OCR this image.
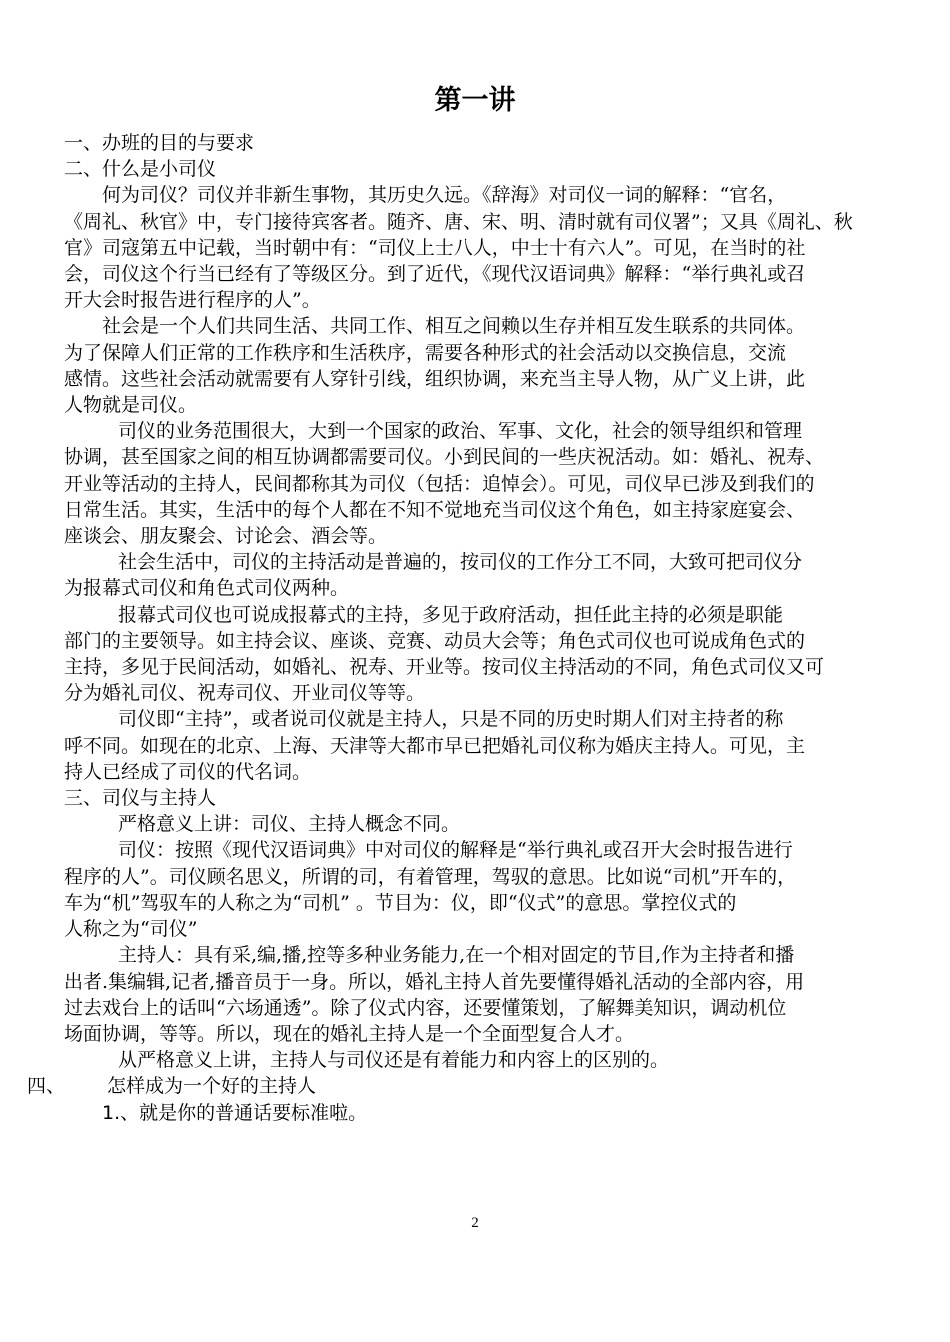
第一讲
一、办班的目的与要求
二、什么是小司仪
何为司仪？司仪并非新生事物，其历史久远。《辞海》对司仪一词的解释：“官名，
《周礼、秋官》中，专门接待宾客者。随齐、唐、宋、明、清时就有司仪署”；又具《周礼、秋
官》司寇第五中记载，当时朝中有：“司仪上士八人，中士十有六人”。可见，在当时的社
会，司仪这个行当已经有了等级区分。到了近代，《现代汉语词典》解释：“举行典礼或召
开大会时报告进行程序的人”。
社会是一个人们共同生活、共同工作、相互之间赖以生存并相互发生联系的共同体。
为了保障人们正常的工作秩序和生活秩序，需要各种形式的社会活动以交换信息，交流
感情。这些社会活动就需要有人穿针引线，组织协调，来充当主导人物，从广义上讲，此
人物就是司仪。
司仪的业务范围很大，大到一个国家的政治、军事、文化，社会的领导组织和管理
协调，甚至国家之间的相互协调都需要司仪。小到民间的一些庆祝活动。如：婚礼、祝寿、
开业等活动的主持人，民间都称其为司仪（包括：追悼会）。可见，司仪早已涉及到我们的
日常生活。其实，生活中的每个人都在不知不觉地充当司仪这个角色，如主持家庭宴会、
座谈会、朋友聚会、讨论会、酒会等。
社会生活中，司仪的主持活动是普遍的，按司仪的工作分工不同，大致可把司仪分
为报幕式司仪和角色式司仪两种。
报幕式司仪也可说成报幕式的主持，多见于政府活动，担任此主持的必须是职能
部门的主要领导。如主持会议、座谈、竞赛、动员大会等；角色式司仪也可说成角色式的
主持，多见于民间活动，如婚礼、祝寿、开业等。按司仪主持活动的不同，角色式司仪又可
分为婚礼司仪、祝寿司仪、开业司仪等等。
司仪即“主持”，或者说司仪就是主持人，只是不同的历史时期人们对主持者的称
呼不同。如现在的北京、上海、天津等大都市早已把婚礼司仪称为婚庆主持人。可见，主
持人已经成了司仪的代名词。
三、司仪与主持人
严格意义上讲：司仪、主持人概念不同。
司仪：按照《现代汉语词典》中对司仪的解释是“举行典礼或召开大会时报告进行
程序的人”。司仪顾名思义，所谓的司，有着管理，驾驭的意思。比如说“司机”开车的，
车为“机”驾驭车的人称之为“司机” 。节目为：仪，即“仪式”的意思。掌控仪式的
人称之为“司仪”
主持人：具有采,编,播,控等多种业务能力,在一个相对固定的节目,作为主持者和播
出者.集编辑,记者,播音员于一身。所以，婚礼主持人首先要懂得婚礼活动的全部内容，用
过去戏台上的话叫“六场通透”。除了仪式内容，还要懂策划，了解舞美知识，调动机位
场面协调，等等。所以，现在的婚礼主持人是一个全面型复合人才。
从严格意义上讲，主持人与司仪还是有着能力和内容上的区别的。
四、 怎样成为一个好的主持人
1.、就是你的普通话要标准啦。
2
